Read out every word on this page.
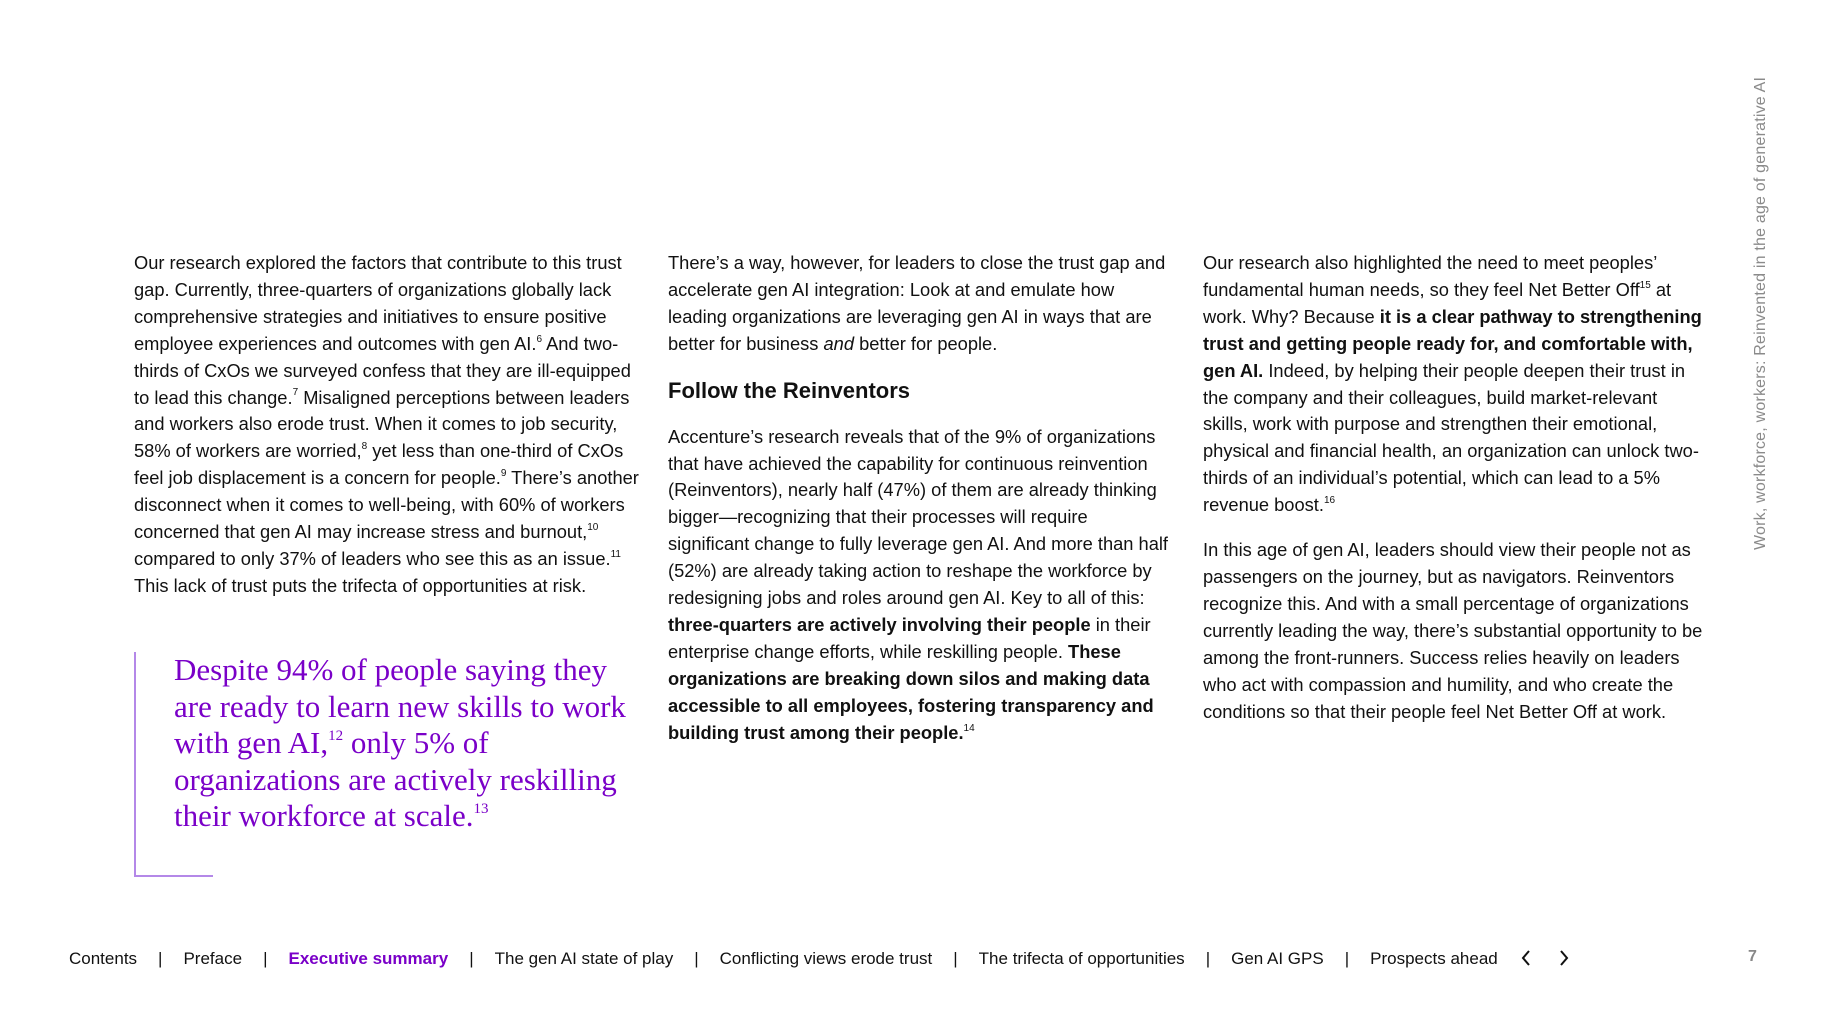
Work, workforce, workers: Reinvented in the age of generative AI

Our research explored the factors that contribute to this trust gap. Currently, three-quarters of organizations globally lack comprehensive strategies and initiatives to ensure positive employee experiences and outcomes with gen AI.$^6$ And two-thirds of CxOs we surveyed confess that they are ill-equipped to lead this change.$^7$ Misaligned perceptions between leaders and workers also erode trust. When it comes to job security, 58% of workers are worried,$^8$ yet less than one-third of CxOs feel job displacement is a concern for people.$^9$ There’s another disconnect when it comes to well-being, with 60% of workers concerned that gen AI may increase stress and burnout,$^{10}$ compared to only 37% of leaders who see this as an issue.$^{11}$ This lack of trust puts the trifecta of opportunities at risk.

Despite 94% of people saying they are ready to learn new skills to work with gen AI,$^{12}$ only 5% of organizations are actively reskilling their workforce at scale.$^{13}$

There’s a way, however, for leaders to close the trust gap and accelerate gen AI integration: Look at and emulate how leading organizations are leveraging gen AI in ways that are better for business and better for people.

Follow the Reinventors

Accenture’s research reveals that of the 9% of organizations that have achieved the capability for continuous reinvention (Reinventors), nearly half (47%) of them are already thinking bigger—recognizing that their processes will require significant change to fully leverage gen AI. And more than half (52%) are already taking action to reshape the workforce by redesigning jobs and roles around gen AI. Key to all of this: three-quarters are actively involving their people in their enterprise change efforts, while reskilling people. These organizations are breaking down silos and making data accessible to all employees, fostering transparency and building trust among their people.$^{14}$

Our research also highlighted the need to meet peoples’ fundamental human needs, so they feel Net Better Off$^{15}$ at work. Why? Because it is a clear pathway to strengthening trust and getting people ready for, and comfortable with, gen AI. Indeed, by helping their people deepen their trust in the company and their colleagues, build market-relevant skills, work with purpose and strengthen their emotional, physical and financial health, an organization can unlock two-thirds of an individual’s potential, which can lead to a 5% revenue boost.$^{16}$

In this age of gen AI, leaders should view their people not as passengers on the journey, but as navigators. Reinventors recognize this. And with a small percentage of organizations currently leading the way, there’s substantial opportunity to be among the front-runners. Success relies heavily on leaders who act with compassion and humility, and who create the conditions so that their people feel Net Better Off at work.

Contents | Preface | Executive summary | The gen AI state of play | Conflicting views erode trust | The trifecta of opportunities | Gen AI GPS | Prospects ahead	7
